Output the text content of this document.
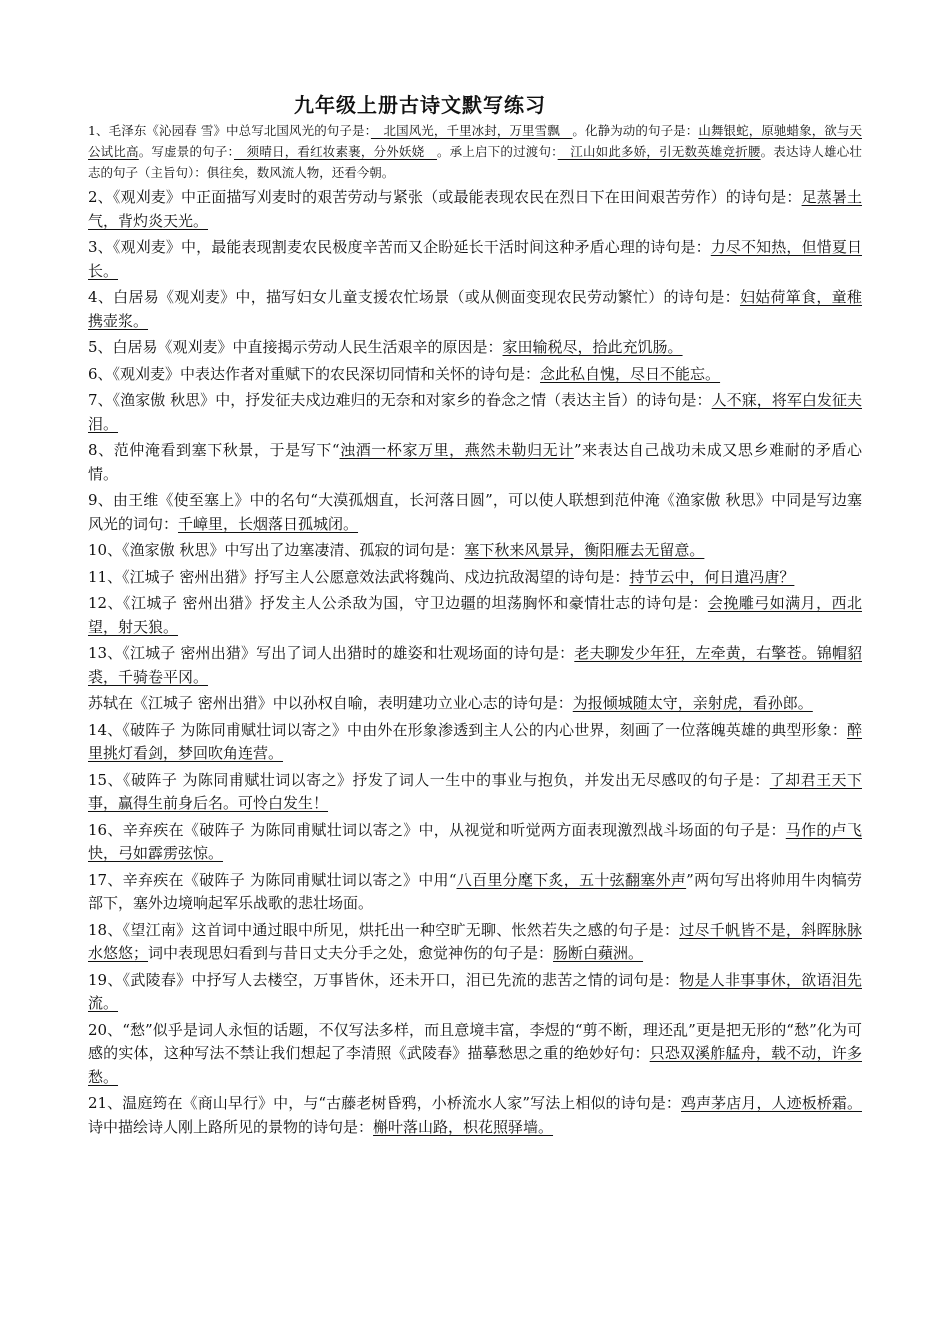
九年级上册古诗文默写练习

1、毛泽东《沁园春 雪》中总写北国风光的句子是：　北国风光，千里冰封，万里雪飘　。化静为动的句子是：山舞银蛇，原驰蜡象，欲与天公试比高。写虚景的句子：　须晴日，看红妆素裹，分外妖娆　。承上启下的过渡句：　江山如此多娇，引无数英雄竞折腰。表达诗人雄心壮志的句子（主旨句）：俱往矣，数风流人物，还看今朝。

2、《观刈麦》中正面描写刈麦时的艰苦劳动与紧张（或最能表现农民在烈日下在田间艰苦劳作）的诗句是：足蒸暑土气，背灼炎天光。

3、《观刈麦》中，最能表现割麦农民极度辛苦而又企盼延长干活时间这种矛盾心理的诗句是：力尽不知热，但惜夏日长。

4、白居易《观刈麦》中，描写妇女儿童支援农忙场景（或从侧面变现农民劳动繁忙）的诗句是：妇姑荷箪食，童稚携壶浆。

5、白居易《观刈麦》中直接揭示劳动人民生活艰辛的原因是：家田输税尽，拾此充饥肠。

6、《观刈麦》中表达作者对重赋下的农民深切同情和关怀的诗句是：念此私自愧，尽日不能忘。

7、《渔家傲 秋思》中，抒发征夫戍边难归的无奈和对家乡的眷念之情（表达主旨）的诗句是：人不寐，将军白发征夫泪。

8、范仲淹看到塞下秋景，于是写下“浊酒一杯家万里，燕然未勒归无计”来表达自己战功未成又思乡难耐的矛盾心情。

9、由王维《使至塞上》中的名句“大漠孤烟直，长河落日圆”，可以使人联想到范仲淹《渔家傲 秋思》中同是写边塞风光的词句：千嶂里，长烟落日孤城闭。

10、《渔家傲 秋思》中写出了边塞凄清、孤寂的词句是：塞下秋来风景异，衡阳雁去无留意。

11、《江城子 密州出猎》抒写主人公愿意效法武将魏尚、戍边抗敌渴望的诗句是：持节云中，何日遣冯唐？

12、《江城子 密州出猎》抒发主人公杀敌为国，守卫边疆的坦荡胸怀和豪情壮志的诗句是：会挽雕弓如满月，西北望，射天狼。

13、《江城子 密州出猎》写出了词人出猎时的雄姿和壮观场面的诗句是：老夫聊发少年狂，左牵黄，右擎苍。锦帽貂裘，千骑卷平冈。

苏轼在《江城子 密州出猎》中以孙权自喻，表明建功立业心志的诗句是：为报倾城随太守，亲射虎，看孙郎。

14、《破阵子 为陈同甫赋壮词以寄之》中由外在形象渗透到主人公的内心世界，刻画了一位落魄英雄的典型形象：醉里挑灯看剑，梦回吹角连营。

15、《破阵子 为陈同甫赋壮词以寄之》抒发了词人一生中的事业与抱负，并发出无尽感叹的句子是：了却君王天下事，赢得生前身后名。可怜白发生！

16、辛弃疾在《破阵子 为陈同甫赋壮词以寄之》中，从视觉和听觉两方面表现激烈战斗场面的句子是：马作的卢飞快，弓如霹雳弦惊。

17、辛弃疾在《破阵子 为陈同甫赋壮词以寄之》中用“八百里分麾下炙，五十弦翻塞外声”两句写出将帅用牛肉犒劳部下，塞外边境响起军乐战歌的悲壮场面。

18、《望江南》这首词中通过眼中所见，烘托出一种空旷无聊、怅然若失之感的句子是：过尽千帆皆不是，斜晖脉脉水悠悠；词中表现思妇看到与昔日丈夫分手之处，愈觉神伤的句子是：肠断白蘋洲。

19、《武陵春》中抒写人去楼空，万事皆休，还未开口，泪已先流的悲苦之情的词句是：物是人非事事休，欲语泪先流。

20、“愁”似乎是词人永恒的话题，不仅写法多样，而且意境丰富，李煜的“剪不断，理还乱”更是把无形的“愁”化为可感的实体，这种写法不禁让我们想起了李清照《武陵春》描摹愁思之重的绝妙好句：只恐双溪舴艋舟，载不动，许多愁。

21、温庭筠在《商山早行》中，与“古藤老树昏鸦，小桥流水人家”写法上相似的诗句是：鸡声茅店月，人迹板桥霜。诗中描绘诗人刚上路所见的景物的诗句是：槲叶落山路，枳花照驿墙。
